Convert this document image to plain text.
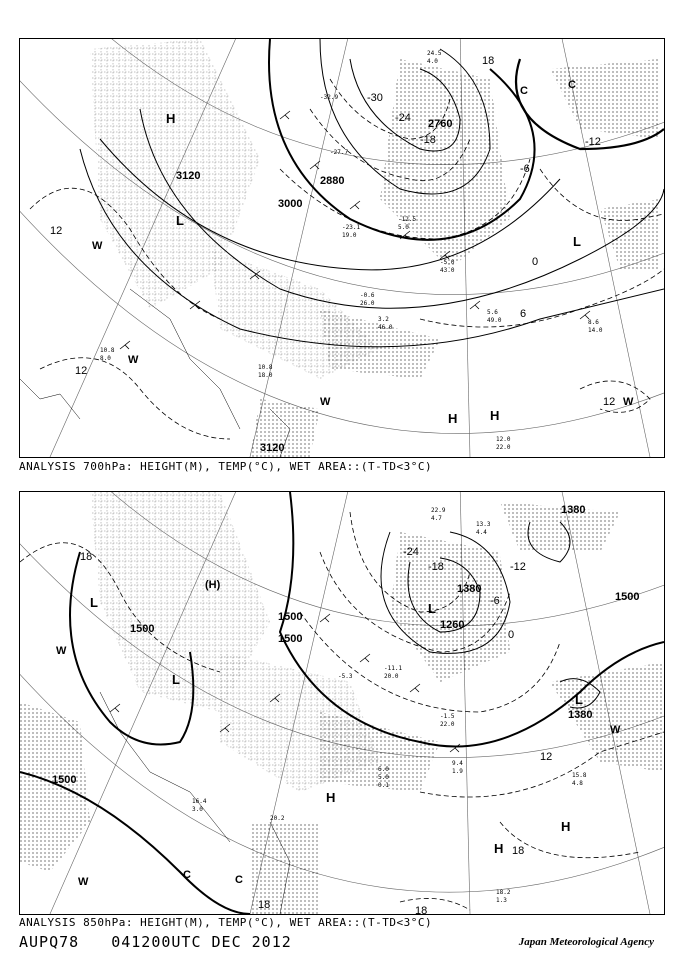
3120
3000
2880
2760
3120
12
12
12
-12
-6
0
6
-30
-24
-18
18
H
L
L
H	H
W
W
W	W
C	C
24.5
4.0
-12.5
5.0
-32.9
-27.7
-23.1
19.0
-5.0
43.0
5.6
49.0	8.6
14.0
3.2
46.0
-0.6
26.0
10.8
18.0
12.0
22.0
10.8
8.0
ANALYSIS 700hPa: HEIGHT(M), TEMP(°C), WET AREA::(T-TD<3°C)
1500
1500
1500
1500
1500
1380
1380
1260
1380
-24
-18	-12
-6
0
12
18
18
18
18
L
L
(H)
L
L
H
H
H
W
W
W
C	C
22.9
4.7
13.3
4.4
-11.1
20.0
-5.3
9.4
1.9
15.8
4.8
18.2
1.3
20.2
6.0
16.4
3.0
5.0
0.1
-1.5
22.0
ANALYSIS 850hPa: HEIGHT(M), TEMP(°C), WET AREA::(T-TD<3°C)
AUPQ78 041200UTC DEC 2012	Japan Meteorological Agency
